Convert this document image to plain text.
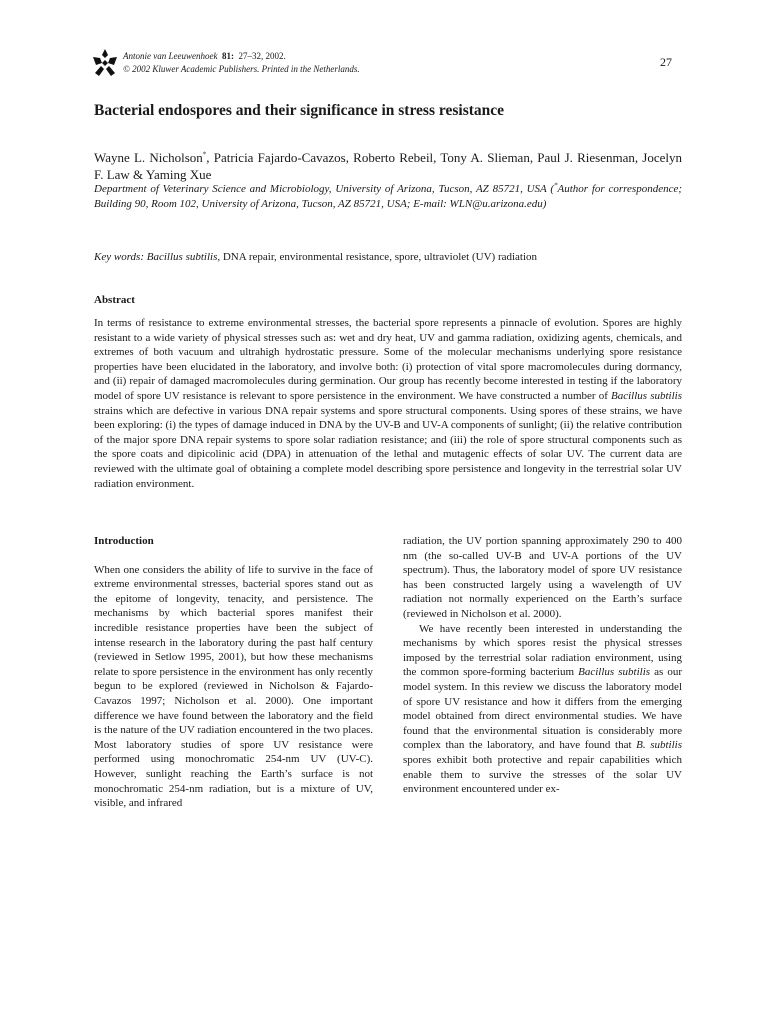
Antonie van Leeuwenhoek 81: 27–32, 2002.
© 2002 Kluwer Academic Publishers. Printed in the Netherlands.	27
Bacterial endospores and their significance in stress resistance
Wayne L. Nicholson*, Patricia Fajardo-Cavazos, Roberto Rebeil, Tony A. Slieman, Paul J. Riesenman, Jocelyn F. Law & Yaming Xue
Department of Veterinary Science and Microbiology, University of Arizona, Tucson, AZ 85721, USA (*Author for correspondence; Building 90, Room 102, University of Arizona, Tucson, AZ 85721, USA; E-mail: WLN@u.arizona.edu)
Key words: Bacillus subtilis, DNA repair, environmental resistance, spore, ultraviolet (UV) radiation
Abstract
In terms of resistance to extreme environmental stresses, the bacterial spore represents a pinnacle of evolution. Spores are highly resistant to a wide variety of physical stresses such as: wet and dry heat, UV and gamma radiation, oxidizing agents, chemicals, and extremes of both vacuum and ultrahigh hydrostatic pressure. Some of the molecular mechanisms underlying spore resistance properties have been elucidated in the laboratory, and involve both: (i) protection of vital spore macromolecules during dormancy, and (ii) repair of damaged macromolecules during germination. Our group has recently become interested in testing if the laboratory model of spore UV resistance is relevant to spore persistence in the environment. We have constructed a number of Bacillus subtilis strains which are defective in various DNA repair systems and spore structural components. Using spores of these strains, we have been exploring: (i) the types of damage induced in DNA by the UV-B and UV-A components of sunlight; (ii) the relative contribution of the major spore DNA repair systems to spore solar radiation resistance; and (iii) the role of spore structural components such as the spore coats and dipicolinic acid (DPA) in attenuation of the lethal and mutagenic effects of solar UV. The current data are reviewed with the ultimate goal of obtaining a complete model describing spore persistence and longevity in the terrestrial solar UV radiation environment.

Introduction

When one considers the ability of life to survive in the face of extreme environmental stresses, bacterial spores stand out as the epitome of longevity, tenacity, and persistence. The mechanisms by which bacterial spores manifest their incredible resistance properties have been the subject of intense research in the laboratory during the past half century (reviewed in Setlow 1995, 2001), but how these mechanisms relate to spore persistence in the environment has only recently begun to be explored (reviewed in Nicholson & Fajardo-Cavazos 1997; Nicholson et al. 2000). One important difference we have found between the laboratory and the field is the nature of the UV radiation encountered in the two places. Most laboratory studies of spore UV resistance were performed using monochromatic 254-nm UV (UV-C). However, sunlight reaching the Earth’s surface is not monochromatic 254-nm radiation, but is a mixture of UV, visible, and infrared

radiation, the UV portion spanning approximately 290 to 400 nm (the so-called UV-B and UV-A portions of the UV spectrum). Thus, the laboratory model of spore UV resistance has been constructed largely using a wavelength of UV radiation not normally experienced on the Earth’s surface (reviewed in Nicholson et al. 2000).

We have recently been interested in understanding the mechanisms by which spores resist the physical stresses imposed by the terrestrial solar radiation environment, using the common spore-forming bacterium Bacillus subtilis as our model system. In this review we discuss the laboratory model of spore UV resistance and how it differs from the emerging model obtained from direct environmental studies. We have found that the environmental situation is considerably more complex than the laboratory, and have found that B. subtilis spores exhibit both protective and repair capabilities which enable them to survive the stresses of the solar UV environment encountered under ex-
